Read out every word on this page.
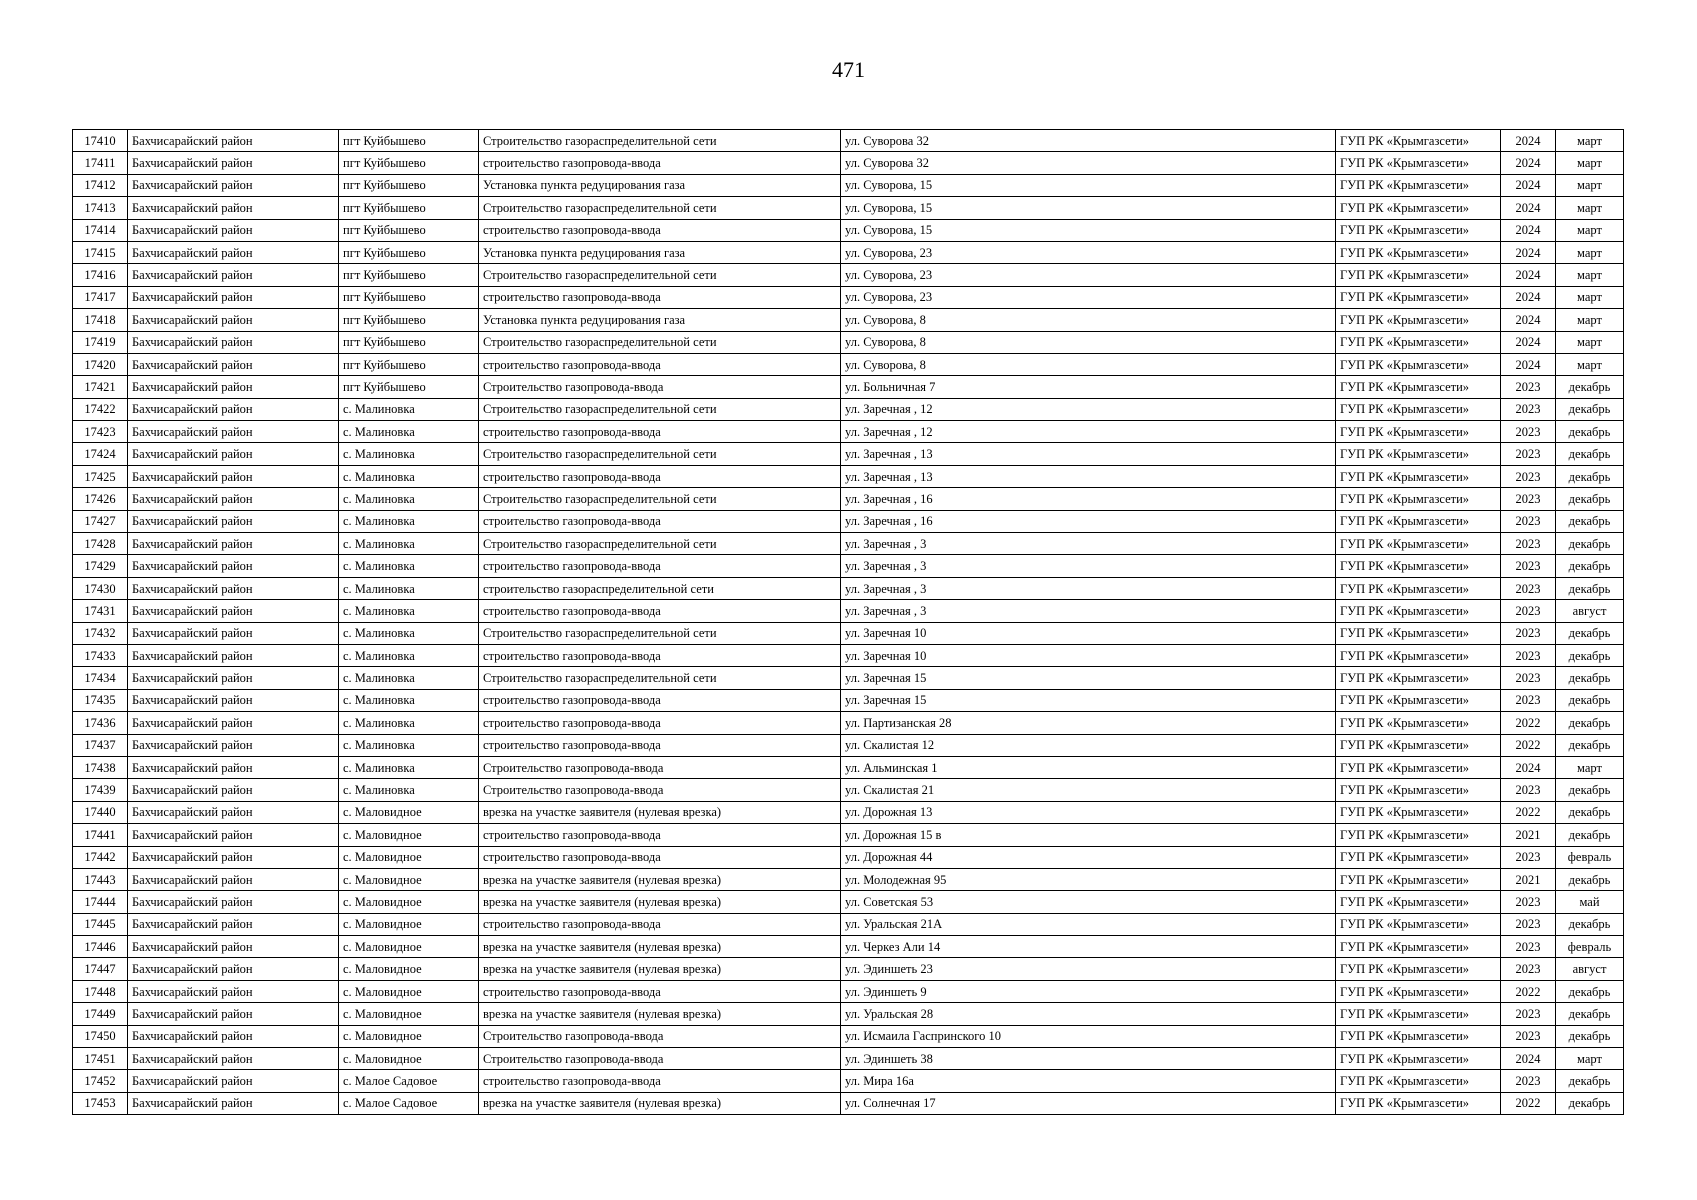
471
17410	Бахчисарайский район	пгт Куйбышево	Строительство газораспределительной сети	ул. Суворова 32	ГУП РК «Крымгазсети»	2024	март
17411	Бахчисарайский район	пгт Куйбышево	строительство газопровода-ввода	ул. Суворова 32	ГУП РК «Крымгазсети»	2024	март
17412	Бахчисарайский район	пгт Куйбышево	Установка пункта редуцирования газа	ул. Суворова, 15	ГУП РК «Крымгазсети»	2024	март
17413	Бахчисарайский район	пгт Куйбышево	Строительство газораспределительной сети	ул. Суворова, 15	ГУП РК «Крымгазсети»	2024	март
17414	Бахчисарайский район	пгт Куйбышево	строительство газопровода-ввода	ул. Суворова, 15	ГУП РК «Крымгазсети»	2024	март
17415	Бахчисарайский район	пгт Куйбышево	Установка пункта редуцирования газа	ул. Суворова, 23	ГУП РК «Крымгазсети»	2024	март
17416	Бахчисарайский район	пгт Куйбышево	Строительство газораспределительной сети	ул. Суворова, 23	ГУП РК «Крымгазсети»	2024	март
17417	Бахчисарайский район	пгт Куйбышево	строительство газопровода-ввода	ул. Суворова, 23	ГУП РК «Крымгазсети»	2024	март
17418	Бахчисарайский район	пгт Куйбышево	Установка пункта редуцирования газа	ул. Суворова, 8	ГУП РК «Крымгазсети»	2024	март
17419	Бахчисарайский район	пгт Куйбышево	Строительство газораспределительной сети	ул. Суворова, 8	ГУП РК «Крымгазсети»	2024	март
17420	Бахчисарайский район	пгт Куйбышево	строительство газопровода-ввода	ул. Суворова, 8	ГУП РК «Крымгазсети»	2024	март
17421	Бахчисарайский район	пгт Куйбышево	Строительство газопровода-ввода	ул. Больничная 7	ГУП РК «Крымгазсети»	2023	декабрь
17422	Бахчисарайский район	с. Малиновка	Строительство газораспределительной сети	ул. Заречная , 12	ГУП РК «Крымгазсети»	2023	декабрь
17423	Бахчисарайский район	с. Малиновка	строительство газопровода-ввода	ул. Заречная , 12	ГУП РК «Крымгазсети»	2023	декабрь
17424	Бахчисарайский район	с. Малиновка	Строительство газораспределительной сети	ул. Заречная , 13	ГУП РК «Крымгазсети»	2023	декабрь
17425	Бахчисарайский район	с. Малиновка	строительство газопровода-ввода	ул. Заречная , 13	ГУП РК «Крымгазсети»	2023	декабрь
17426	Бахчисарайский район	с. Малиновка	Строительство газораспределительной сети	ул. Заречная , 16	ГУП РК «Крымгазсети»	2023	декабрь
17427	Бахчисарайский район	с. Малиновка	строительство газопровода-ввода	ул. Заречная , 16	ГУП РК «Крымгазсети»	2023	декабрь
17428	Бахчисарайский район	с. Малиновка	Строительство газораспределительной сети	ул. Заречная , 3	ГУП РК «Крымгазсети»	2023	декабрь
17429	Бахчисарайский район	с. Малиновка	строительство газопровода-ввода	ул. Заречная , 3	ГУП РК «Крымгазсети»	2023	декабрь
17430	Бахчисарайский район	с. Малиновка	строительство газораспределительной сети	ул. Заречная , 3	ГУП РК «Крымгазсети»	2023	декабрь
17431	Бахчисарайский район	с. Малиновка	строительство газопровода-ввода	ул. Заречная , 3	ГУП РК «Крымгазсети»	2023	август
17432	Бахчисарайский район	с. Малиновка	Строительство газораспределительной сети	ул. Заречная 10	ГУП РК «Крымгазсети»	2023	декабрь
17433	Бахчисарайский район	с. Малиновка	строительство газопровода-ввода	ул. Заречная 10	ГУП РК «Крымгазсети»	2023	декабрь
17434	Бахчисарайский район	с. Малиновка	Строительство газораспределительной сети	ул. Заречная 15	ГУП РК «Крымгазсети»	2023	декабрь
17435	Бахчисарайский район	с. Малиновка	строительство газопровода-ввода	ул. Заречная 15	ГУП РК «Крымгазсети»	2023	декабрь
17436	Бахчисарайский район	с. Малиновка	строительство газопровода-ввода	ул. Партизанская 28	ГУП РК «Крымгазсети»	2022	декабрь
17437	Бахчисарайский район	с. Малиновка	строительство газопровода-ввода	ул. Скалистая 12	ГУП РК «Крымгазсети»	2022	декабрь
17438	Бахчисарайский район	с. Малиновка	Строительство газопровода-ввода	ул. Альминская 1	ГУП РК «Крымгазсети»	2024	март
17439	Бахчисарайский район	с. Малиновка	Строительство газопровода-ввода	ул. Скалистая 21	ГУП РК «Крымгазсети»	2023	декабрь
17440	Бахчисарайский район	с. Маловидное	врезка на участке заявителя (нулевая врезка)	ул. Дорожная 13	ГУП РК «Крымгазсети»	2022	декабрь
17441	Бахчисарайский район	с. Маловидное	строительство газопровода-ввода	ул. Дорожная 15 в	ГУП РК «Крымгазсети»	2021	декабрь
17442	Бахчисарайский район	с. Маловидное	строительство газопровода-ввода	ул. Дорожная 44	ГУП РК «Крымгазсети»	2023	февраль
17443	Бахчисарайский район	с. Маловидное	врезка на участке заявителя (нулевая врезка)	ул. Молодежная 95	ГУП РК «Крымгазсети»	2021	декабрь
17444	Бахчисарайский район	с. Маловидное	врезка на участке заявителя (нулевая врезка)	ул. Советская 53	ГУП РК «Крымгазсети»	2023	май
17445	Бахчисарайский район	с. Маловидное	строительство газопровода-ввода	ул. Уральская 21А	ГУП РК «Крымгазсети»	2023	декабрь
17446	Бахчисарайский район	с. Маловидное	врезка на участке заявителя (нулевая врезка)	ул. Черкез Али 14	ГУП РК «Крымгазсети»	2023	февраль
17447	Бахчисарайский район	с. Маловидное	врезка на участке заявителя (нулевая врезка)	ул. Эдиншеть 23	ГУП РК «Крымгазсети»	2023	август
17448	Бахчисарайский район	с. Маловидное	строительство газопровода-ввода	ул. Эдиншеть 9	ГУП РК «Крымгазсети»	2022	декабрь
17449	Бахчисарайский район	с. Маловидное	врезка на участке заявителя (нулевая врезка)	ул. Уральская 28	ГУП РК «Крымгазсети»	2023	декабрь
17450	Бахчисарайский район	с. Маловидное	Строительство газопровода-ввода	ул. Исмаила Гаспринского 10	ГУП РК «Крымгазсети»	2023	декабрь
17451	Бахчисарайский район	с. Маловидное	Строительство газопровода-ввода	ул. Эдиншеть 38	ГУП РК «Крымгазсети»	2024	март
17452	Бахчисарайский район	с. Малое Садовое	строительство газопровода-ввода	ул. Мира 16а	ГУП РК «Крымгазсети»	2023	декабрь
17453	Бахчисарайский район	с. Малое Садовое	врезка на участке заявителя (нулевая врезка)	ул. Солнечная 17	ГУП РК «Крымгазсети»	2022	декабрь
